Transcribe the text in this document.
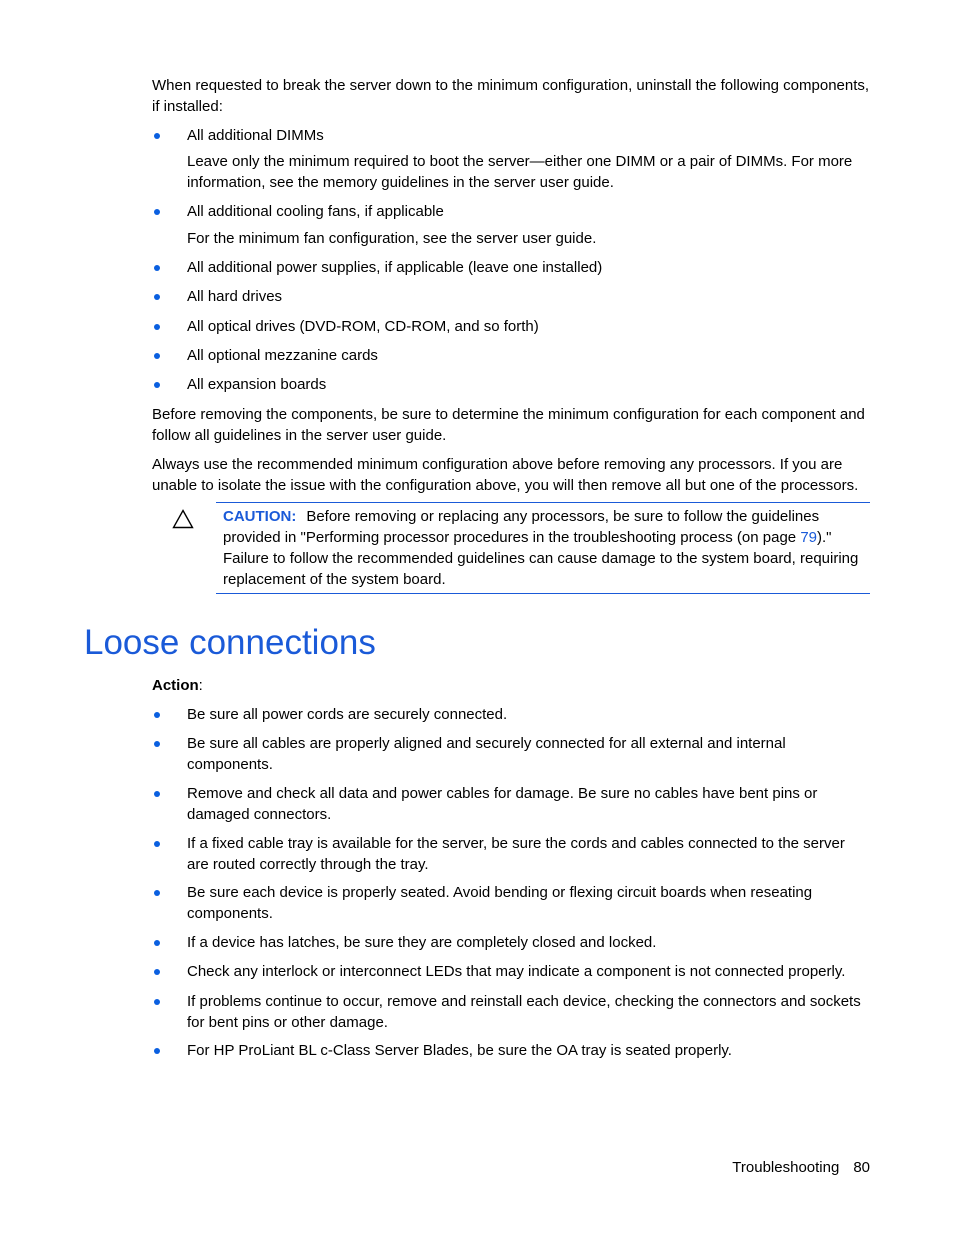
When requested to break the server down to the minimum configuration, uninstall the following components, if installed:

All additional DIMMs

Leave only the minimum required to boot the server—either one DIMM or a pair of DIMMs. For more information, see the memory guidelines in the server user guide.

All additional cooling fans, if applicable

For the minimum fan configuration, see the server user guide.

All additional power supplies, if applicable (leave one installed)

All hard drives

All optical drives (DVD-ROM, CD-ROM, and so forth)

All optional mezzanine cards

All expansion boards

Before removing the components, be sure to determine the minimum configuration for each component and follow all guidelines in the server user guide.

Always use the recommended minimum configuration above before removing any processors. If you are unable to isolate the issue with the configuration above, you will then remove all but one of the processors.

CAUTION: Before removing or replacing any processors, be sure to follow the guidelines provided in "Performing processor procedures in the troubleshooting process (on page 79)." Failure to follow the recommended guidelines can cause damage to the system board, requiring replacement of the system board.

Loose connections

Action:

Be sure all power cords are securely connected.

Be sure all cables are properly aligned and securely connected for all external and internal components.

Remove and check all data and power cables for damage. Be sure no cables have bent pins or damaged connectors.

If a fixed cable tray is available for the server, be sure the cords and cables connected to the server are routed correctly through the tray.

Be sure each device is properly seated. Avoid bending or flexing circuit boards when reseating components.

If a device has latches, be sure they are completely closed and locked.

Check any interlock or interconnect LEDs that may indicate a component is not connected properly.

If problems continue to occur, remove and reinstall each device, checking the connectors and sockets for bent pins or other damage.

For HP ProLiant BL c-Class Server Blades, be sure the OA tray is seated properly.

Troubleshooting 80
